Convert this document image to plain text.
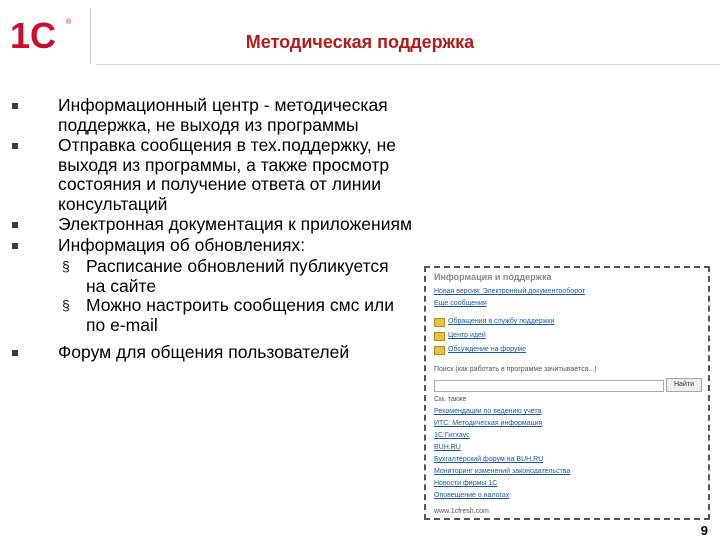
1С ®
Методическая поддержка
Информационный центр - методическая поддержка, не выходя из программы
Отправка сообщения в тех.поддержку, не выходя из программы, а также просмотр состояния и получение ответа от линии консультаций
Электронная документация к приложениям
Информация об обновлениях:
§ Расписание обновлений публикуется на сайте
§ Можно настроить сообщения смс или по e-mail
Форум для общения пользователей
Информация и поддержка
Новая версия: Электронный документооборот
Еще сообщения
Обращения в службу поддержки
Центр идей
Обсуждение на форуме
Поиск (как работать в программе зачитывается...)
Найти
См. также
Рекомендации по ведению учета
ИТС: Методическая информация
1С:Гитхаус
BUH.RU
Бухгалтерский форум на BUH.RU
Мониторинг изменений законодательства
Новости фирмы 1С
Оповещение о налогах
www.1cfresh.com
9
